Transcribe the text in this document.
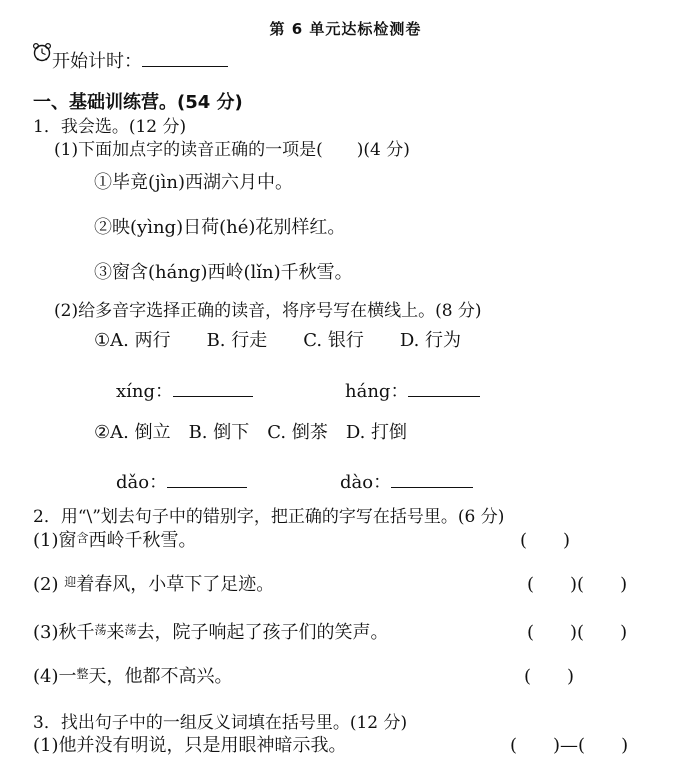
第 6 单元达标检测卷
开始计时：
一、基础训练营。(54 分)
1．我会选。(12 分)
(1)下面加点字的读音正确的一项是(　　)(4 分)
①毕竟(jìn)西湖六月中。
②映(yìng)日荷(hé)花别样红。
③窗含(háng)西岭(lǐn)千秋雪。
(2)给多音字选择正确的读音，将序号写在横线上。(8 分)
①A. 两行　　B. 行走　　C. 银行　　D. 行为
xíng：	háng：
②A. 倒立　B. 倒下　C. 倒茶　D. 打倒
dǎo：	dào：
2．用“\”划去句子中的错别字，把正确的字写在括号里。(6 分)
(1)窗$^含$西岭千秋雪。	(　　)
(2) $^迎$着春风，小草下了足迹。	(　　)(　　)
(3)秋千$^荡$来$^荡$去，院子响起了孩子们的笑声。	(　　)(　　)
(4)一$^整$天，他都不高兴。	(　　)
3．找出句子中的一组反义词填在括号里。(12 分)
(1)他并没有明说，只是用眼神暗示我。	(　　)—(　　)
